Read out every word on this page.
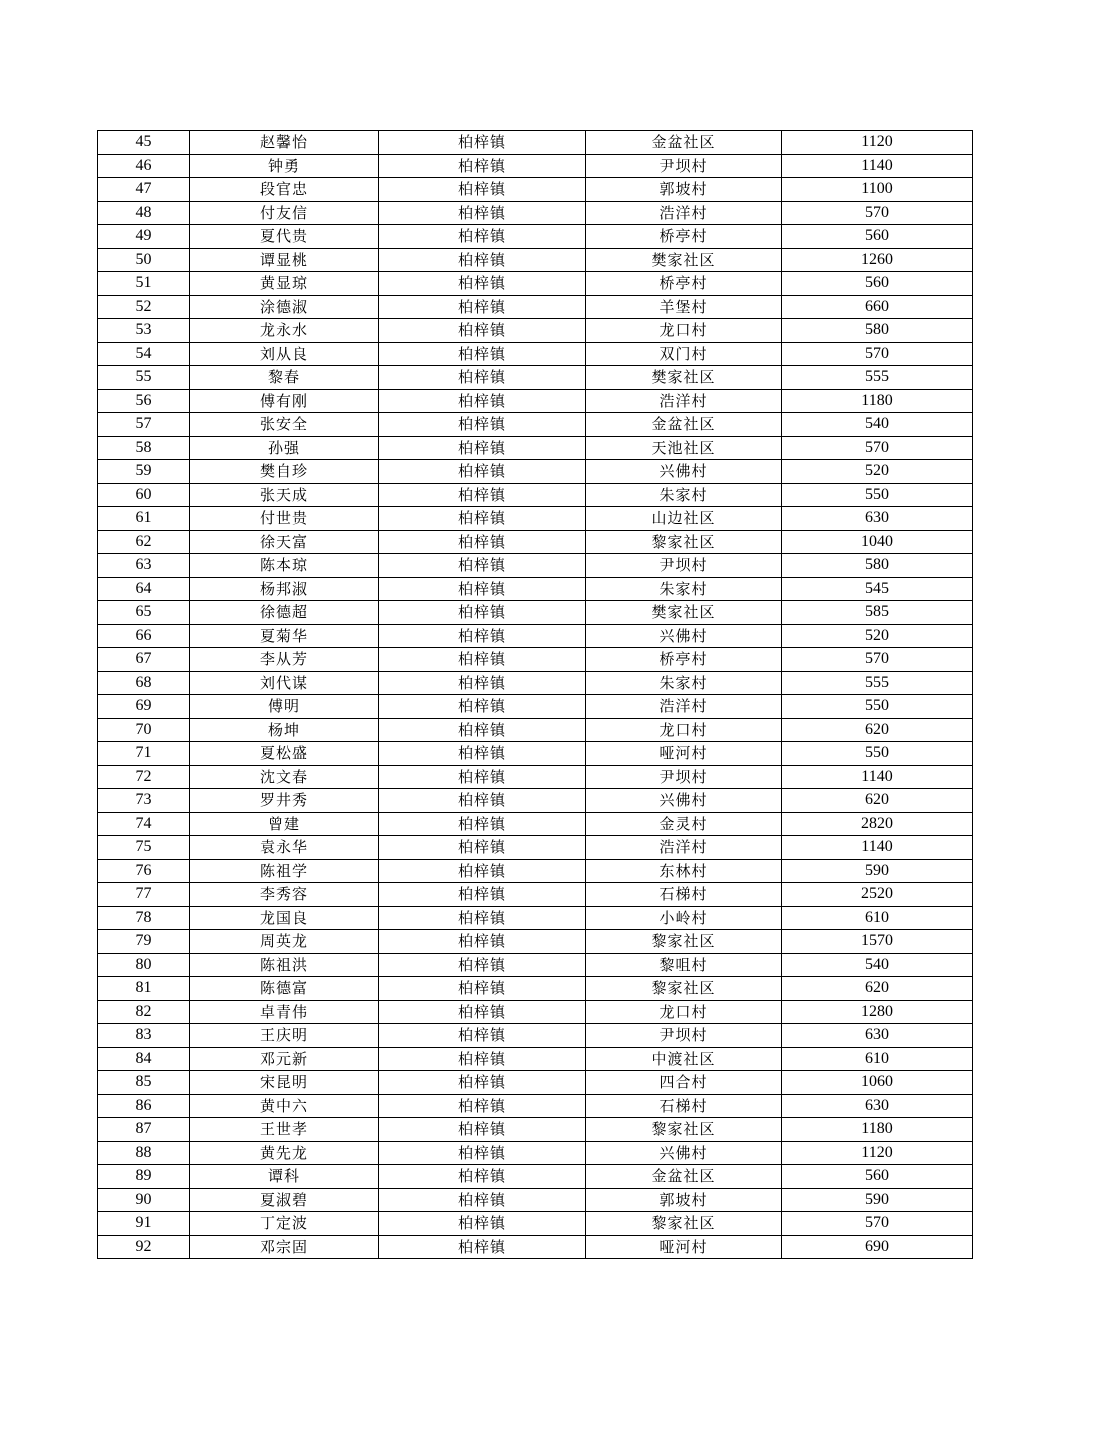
45	赵馨怡	柏梓镇	金盆社区	1120
46	钟勇	柏梓镇	尹坝村	1140
47	段官忠	柏梓镇	郭坡村	1100
48	付友信	柏梓镇	浩洋村	570
49	夏代贵	柏梓镇	桥亭村	560
50	谭显桃	柏梓镇	樊家社区	1260
51	黄显琼	柏梓镇	桥亭村	560
52	涂德淑	柏梓镇	羊堡村	660
53	龙永水	柏梓镇	龙口村	580
54	刘从良	柏梓镇	双门村	570
55	黎春	柏梓镇	樊家社区	555
56	傅有刚	柏梓镇	浩洋村	1180
57	张安全	柏梓镇	金盆社区	540
58	孙强	柏梓镇	天池社区	570
59	樊自珍	柏梓镇	兴佛村	520
60	张天成	柏梓镇	朱家村	550
61	付世贵	柏梓镇	山边社区	630
62	徐天富	柏梓镇	黎家社区	1040
63	陈本琼	柏梓镇	尹坝村	580
64	杨邦淑	柏梓镇	朱家村	545
65	徐德超	柏梓镇	樊家社区	585
66	夏菊华	柏梓镇	兴佛村	520
67	李从芳	柏梓镇	桥亭村	570
68	刘代谋	柏梓镇	朱家村	555
69	傅明	柏梓镇	浩洋村	550
70	杨坤	柏梓镇	龙口村	620
71	夏松盛	柏梓镇	哑河村	550
72	沈文春	柏梓镇	尹坝村	1140
73	罗井秀	柏梓镇	兴佛村	620
74	曾建	柏梓镇	金灵村	2820
75	袁永华	柏梓镇	浩洋村	1140
76	陈祖学	柏梓镇	东林村	590
77	李秀容	柏梓镇	石梯村	2520
78	龙国良	柏梓镇	小岭村	610
79	周英龙	柏梓镇	黎家社区	1570
80	陈祖洪	柏梓镇	黎咀村	540
81	陈德富	柏梓镇	黎家社区	620
82	卓青伟	柏梓镇	龙口村	1280
83	王庆明	柏梓镇	尹坝村	630
84	邓元新	柏梓镇	中渡社区	610
85	宋昆明	柏梓镇	四合村	1060
86	黄中六	柏梓镇	石梯村	630
87	王世孝	柏梓镇	黎家社区	1180
88	黄先龙	柏梓镇	兴佛村	1120
89	谭科	柏梓镇	金盆社区	560
90	夏淑碧	柏梓镇	郭坡村	590
91	丁定波	柏梓镇	黎家社区	570
92	邓宗固	柏梓镇	哑河村	690
